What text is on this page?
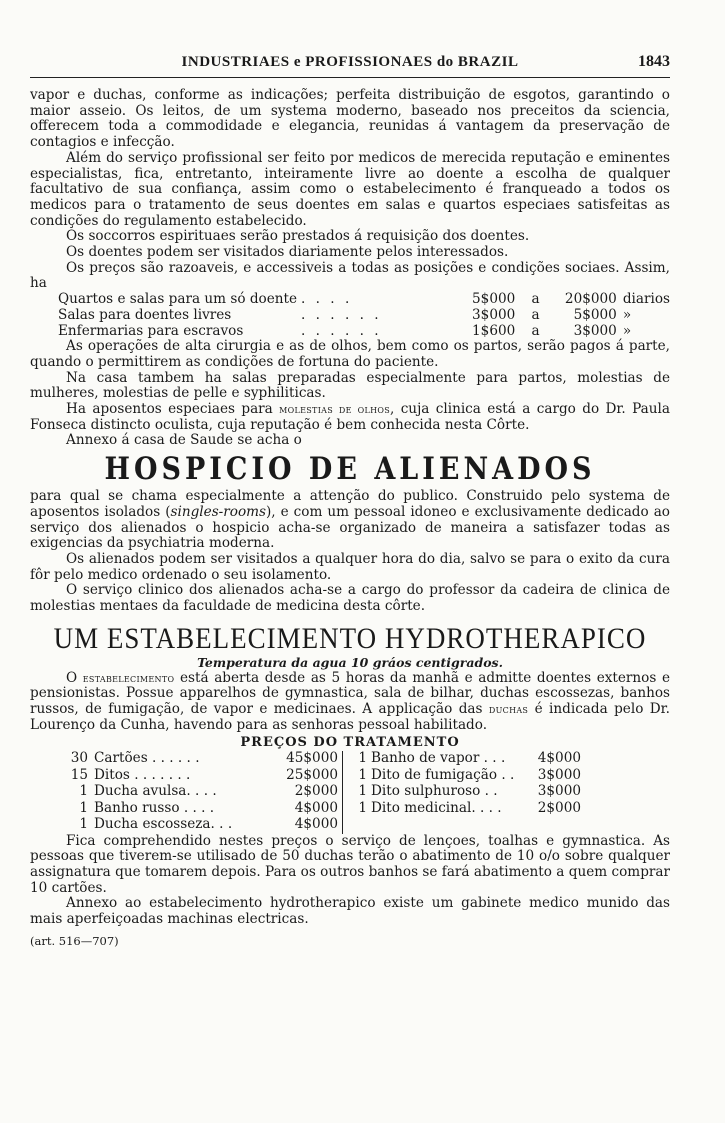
INDUSTRIAES e PROFISSIONAES do BRAZIL	1843

vapor e duchas, conforme as indicações; perfeita distribuição de esgotos, garantindo o maior asseio. Os leitos, de um systema moderno, baseado nos preceitos da sciencia, offerecem toda a commodidade e elegancia, reunidas á vantagem da preservação de contagios e infecção.

Além do serviço profissional ser feito por medicos de merecida reputação e eminentes especialistas, fica, entretanto, inteiramente livre ao doente a escolha de qualquer facultativo de sua confiança, assim como o estabelecimento é franqueado a todos os medicos para o tratamento de seus doentes em salas e quartos especiaes satisfeitas as condições do regulamento estabelecido.

Os soccorros espirituaes serão prestados á requisição dos doentes.

Os doentes podem ser visitados diariamente pelos interessados.

Os preços são razoaveis, e accessiveis a todas as posições e condições sociaes. Assim, ha

Quartos e salas para um só doente	. . . .	5$000	a	20$000	diarios
Salas para doentes livres	. . . . . .	3$000	a	5$000	»
Enfermarias para escravos	. . . . . .	1$600	a	3$000	»

As operações de alta cirurgia e as de olhos, bem como os partos, serão pagos á parte, quando o permittirem as condições de fortuna do paciente.

Na casa tambem ha salas preparadas especialmente para partos, molestias de mulheres, molestias de pelle e syphiliticas.

Ha aposentos especiaes para molestias de olhos, cuja clinica está a cargo do Dr. Paula Fonseca distincto oculista, cuja reputação é bem conhecida nesta Côrte.

Annexo á casa de Saude se acha o

HOSPICIO DE ALIENADOS

para qual se chama especialmente a attenção do publico. Construido pelo systema de aposentos isolados (singles-rooms), e com um pessoal idoneo e exclusivamente dedicado ao serviço dos alienados o hospicio acha-se organizado de maneira a satisfazer todas as exigencias da psychiatria moderna.

Os alienados podem ser visitados a qualquer hora do dia, salvo se para o exito da cura fôr pelo medico ordenado o seu isolamento.

O serviço clinico dos alienados acha-se a cargo do professor da cadeira de clinica de molestias mentaes da faculdade de medicina desta côrte.

UM ESTABELECIMENTO HYDROTHERAPICO
Temperatura da agua 10 gráos centigrados.

O estabelecimento está aberta desde as 5 horas da manhã e admitte doentes externos e pensionistas. Possue apparelhos de gymnastica, sala de bilhar, duchas escossezas, banhos russos, de fumigação, de vapor e medicinaes. A applicação das duchas é indicada pelo Dr. Lourenço da Cunha, havendo para as senhoras pessoal habilitado.

PREÇOS DO TRATAMENTO
30	Cartões . . . . . .	45$000	1	Banho de vapor . . .	4$000
15	Ditos . . . . . . .	25$000	1	Dito de fumigação . .	3$000
1	Ducha avulsa. . . .	2$000	1	Dito sulphuroso . .	3$000
1	Banho russo . . . .	4$000	1	Dito medicinal. . . .	2$000
1	Ducha escosseza. . .	4$000			

Fica comprehendido nestes preços o serviço de lençoes, toalhas e gymnastica. As pessoas que tiverem-se utilisado de 50 duchas terão o abatimento de 10 o/o sobre qualquer assignatura que tomarem depois. Para os outros banhos se fará abatimento a quem comprar 10 cartões.

Annexo ao estabelecimento hydrotherapico existe um gabinete medico munido das mais aperfeiçoadas machinas electricas.

(art. 516—707)
